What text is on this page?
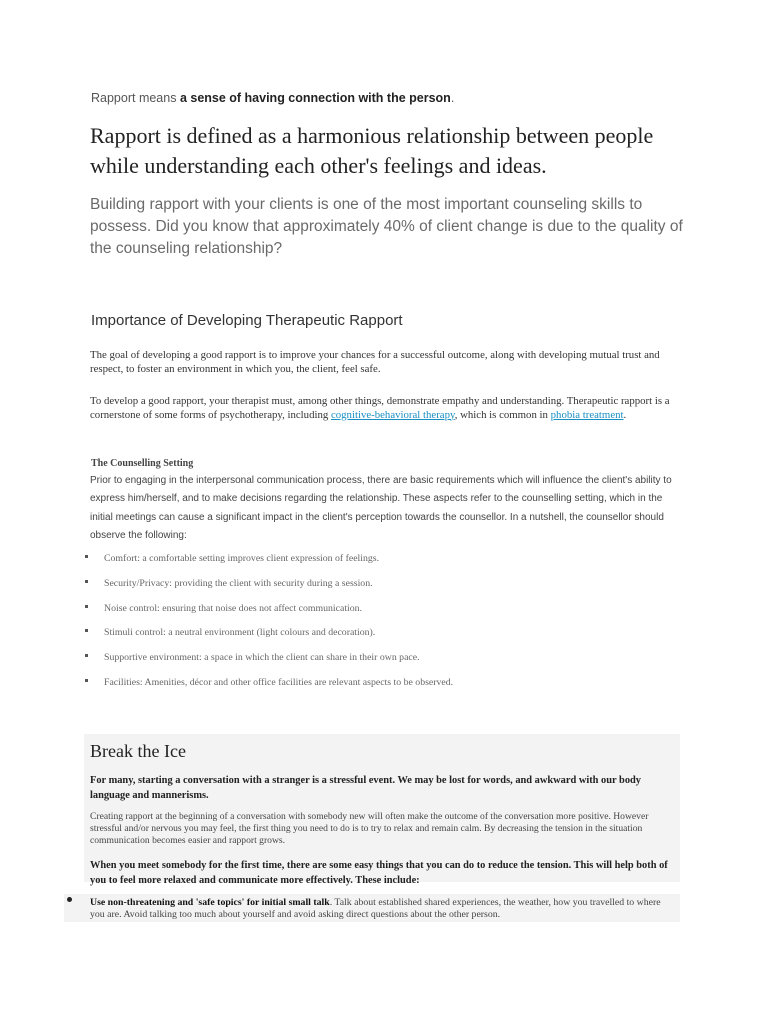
Rapport means a sense of having connection with the person.
Rapport is defined as a harmonious relationship between people while understanding each other's feelings and ideas.
Building rapport with your clients is one of the most important counseling skills to possess. Did you know that approximately 40% of client change is due to the quality of the counseling relationship?
Importance of Developing Therapeutic Rapport
The goal of developing a good rapport is to improve your chances for a successful outcome, along with developing mutual trust and respect, to foster an environment in which you, the client, feel safe.
To develop a good rapport, your therapist must, among other things, demonstrate empathy and understanding. Therapeutic rapport is a cornerstone of some forms of psychotherapy, including cognitive-behavioral therapy, which is common in phobia treatment.
The Counselling Setting
Prior to engaging in the interpersonal communication process, there are basic requirements which will influence the client's ability to express him/herself, and to make decisions regarding the relationship. These aspects refer to the counselling setting, which in the initial meetings can cause a significant impact in the client's perception towards the counsellor. In a nutshell, the counsellor should observe the following:
Comfort: a comfortable setting improves client expression of feelings.
Security/Privacy: providing the client with security during a session.
Noise control: ensuring that noise does not affect communication.
Stimuli control: a neutral environment (light colours and decoration).
Supportive environment: a space in which the client can share in their own pace.
Facilities: Amenities, décor and other office facilities are relevant aspects to be observed.
Break the Ice
For many, starting a conversation with a stranger is a stressful event. We may be lost for words, and awkward with our body language and mannerisms.
Creating rapport at the beginning of a conversation with somebody new will often make the outcome of the conversation more positive. However stressful and/or nervous you may feel, the first thing you need to do is to try to relax and remain calm. By decreasing the tension in the situation communication becomes easier and rapport grows.
When you meet somebody for the first time, there are some easy things that you can do to reduce the tension. This will help both of you to feel more relaxed and communicate more effectively. These include:
Use non-threatening and 'safe topics' for initial small talk. Talk about established shared experiences, the weather, how you travelled to where you are. Avoid talking too much about yourself and avoid asking direct questions about the other person.
